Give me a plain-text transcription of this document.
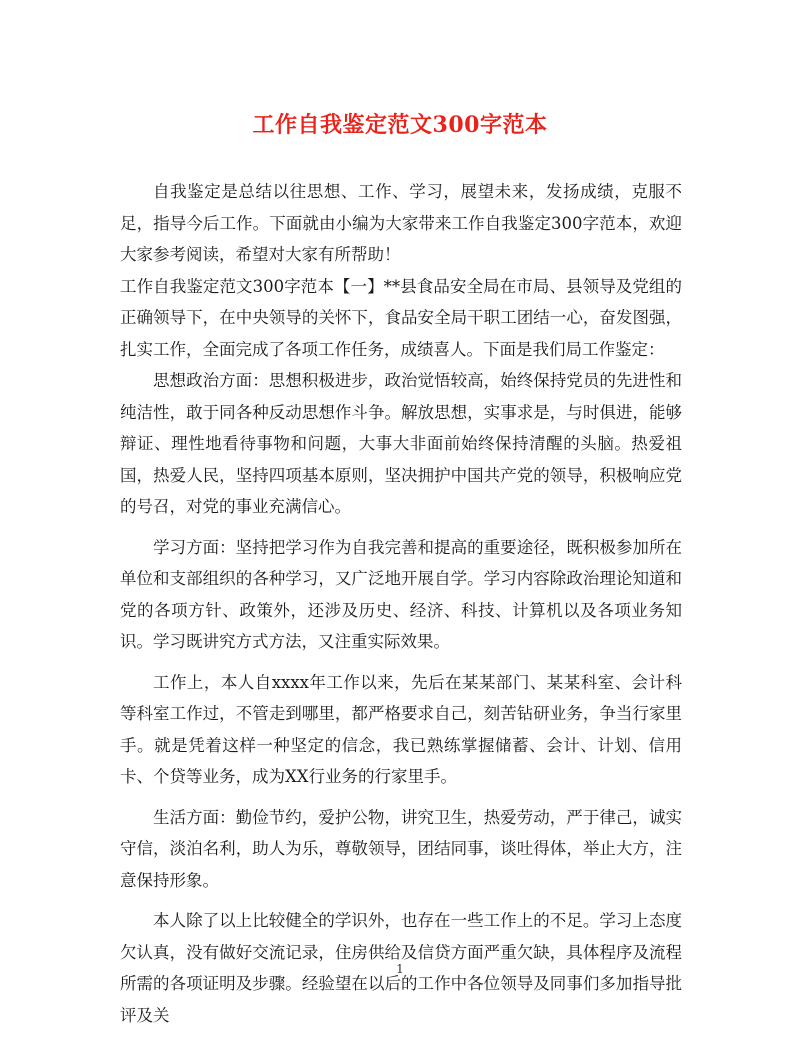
工作自我鉴定范文300字范本

自我鉴定是总结以往思想、工作、学习，展望未来，发扬成绩，克服不足，指导今后工作。下面就由小编为大家带来工作自我鉴定300字范本，欢迎大家参考阅读，希望对大家有所帮助！

工作自我鉴定范文300字范本【一】**县食品安全局在市局、县领导及党组的正确领导下，在中央领导的关怀下，食品安全局干职工团结一心，奋发图强，扎实工作，全面完成了各项工作任务，成绩喜人。下面是我们局工作鉴定：

思想政治方面：思想积极进步，政治觉悟较高，始终保持党员的先进性和纯洁性，敢于同各种反动思想作斗争。解放思想，实事求是，与时俱进，能够辩证、理性地看待事物和问题，大事大非面前始终保持清醒的头脑。热爱祖国，热爱人民，坚持四项基本原则，坚决拥护中国共产党的领导，积极响应党的号召，对党的事业充满信心。

学习方面：坚持把学习作为自我完善和提高的重要途径，既积极参加所在单位和支部组织的各种学习，又广泛地开展自学。学习内容除政治理论知道和党的各项方针、政策外，还涉及历史、经济、科技、计算机以及各项业务知识。学习既讲究方式方法，又注重实际效果。

工作上，本人自xxxx年工作以来，先后在某某部门、某某科室、会计科等科室工作过，不管走到哪里，都严格要求自己，刻苦钻研业务，争当行家里手。就是凭着这样一种坚定的信念，我已熟练掌握储蓄、会计、计划、信用卡、个贷等业务，成为XX行业务的行家里手。

生活方面：勤俭节约，爱护公物，讲究卫生，热爱劳动，严于律己，诚实守信，淡泊名利，助人为乐，尊敬领导，团结同事，谈吐得体，举止大方，注意保持形象。

本人除了以上比较健全的学识外，也存在一些工作上的不足。学习上态度欠认真，没有做好交流记录，住房供给及信贷方面严重欠缺，具体程序及流程所需的各项证明及步骤。经验望在以后的工作中各位领导及同事们多加指导批评及关

1
